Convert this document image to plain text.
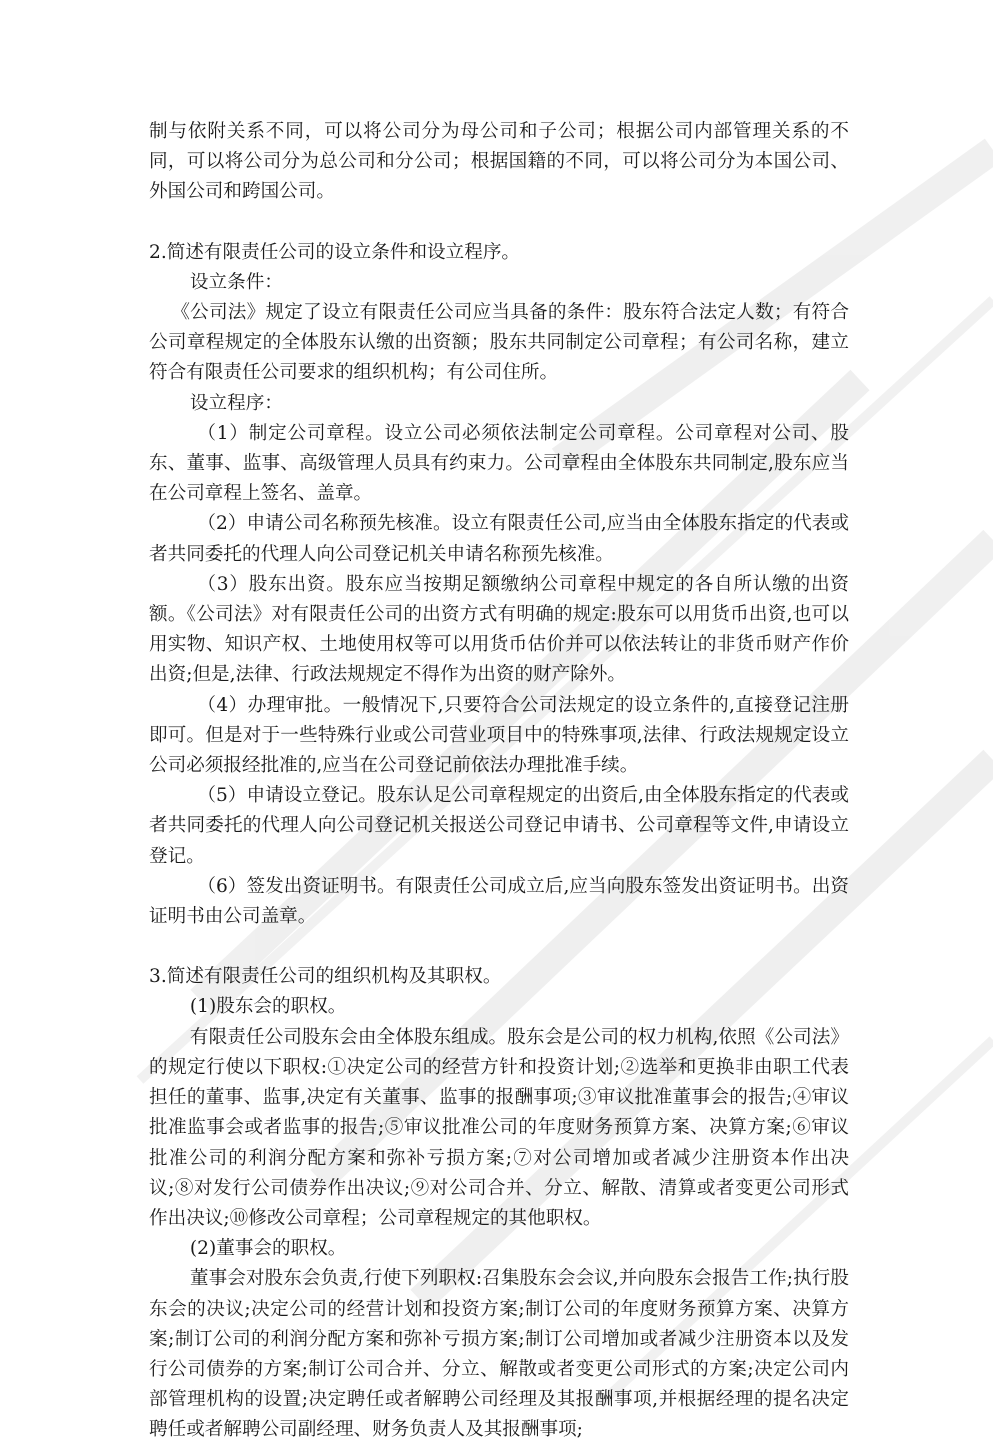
制与依附关系不同，可以将公司分为母公司和子公司；根据公司内部管理关系的不同，可以将公司分为总公司和分公司；根据国籍的不同，可以将公司分为本国公司、外国公司和跨国公司。

2.简述有限责任公司的设立条件和设立程序。

设立条件：

《公司法》规定了设立有限责任公司应当具备的条件：股东符合法定人数；有符合公司章程规定的全体股东认缴的出资额；股东共同制定公司章程；有公司名称，建立符合有限责任公司要求的组织机构；有公司住所。

设立程序：

（1）制定公司章程。设立公司必须依法制定公司章程。公司章程对公司、股东、董事、监事、高级管理人员具有约束力。公司章程由全体股东共同制定,股东应当在公司章程上签名、盖章。

（2）申请公司名称预先核准。设立有限责任公司,应当由全体股东指定的代表或者共同委托的代理人向公司登记机关申请名称预先核准。

（3）股东出资。股东应当按期足额缴纳公司章程中规定的各自所认缴的出资额。《公司法》对有限责任公司的出资方式有明确的规定:股东可以用货币出资,也可以用实物、知识产权、土地使用权等可以用货币估价并可以依法转让的非货币财产作价出资;但是,法律、行政法规规定不得作为出资的财产除外。

（4）办理审批。一般情况下,只要符合公司法规定的设立条件的,直接登记注册即可。但是对于一些特殊行业或公司营业项目中的特殊事项,法律、行政法规规定设立公司必须报经批准的,应当在公司登记前依法办理批准手续。

（5）申请设立登记。股东认足公司章程规定的出资后,由全体股东指定的代表或者共同委托的代理人向公司登记机关报送公司登记申请书、公司章程等文件,申请设立登记。

（6）签发出资证明书。有限责任公司成立后,应当向股东签发出资证明书。出资证明书由公司盖章。

3.简述有限责任公司的组织机构及其职权。

(1)股东会的职权。

有限责任公司股东会由全体股东组成。股东会是公司的权力机构,依照《公司法》的规定行使以下职权:①决定公司的经营方针和投资计划;②选举和更换非由职工代表担任的董事、监事,决定有关董事、监事的报酬事项;③审议批准董事会的报告;④审议批准监事会或者监事的报告;⑤审议批准公司的年度财务预算方案、决算方案;⑥审议批准公司的利润分配方案和弥补亏损方案;⑦对公司增加或者减少注册资本作出决议;⑧对发行公司债券作出决议;⑨对公司合并、分立、解散、清算或者变更公司形式作出决议;⑩修改公司章程；公司章程规定的其他职权。

(2)董事会的职权。

董事会对股东会负责,行使下列职权:召集股东会会议,并向股东会报告工作;执行股东会的决议;决定公司的经营计划和投资方案;制订公司的年度财务预算方案、决算方案;制订公司的利润分配方案和弥补亏损方案;制订公司增加或者减少注册资本以及发行公司债券的方案;制订公司合并、分立、解散或者变更公司形式的方案;决定公司内部管理机构的设置;决定聘任或者解聘公司经理及其报酬事项,并根据经理的提名决定聘任或者解聘公司副经理、财务负责人及其报酬事项;
